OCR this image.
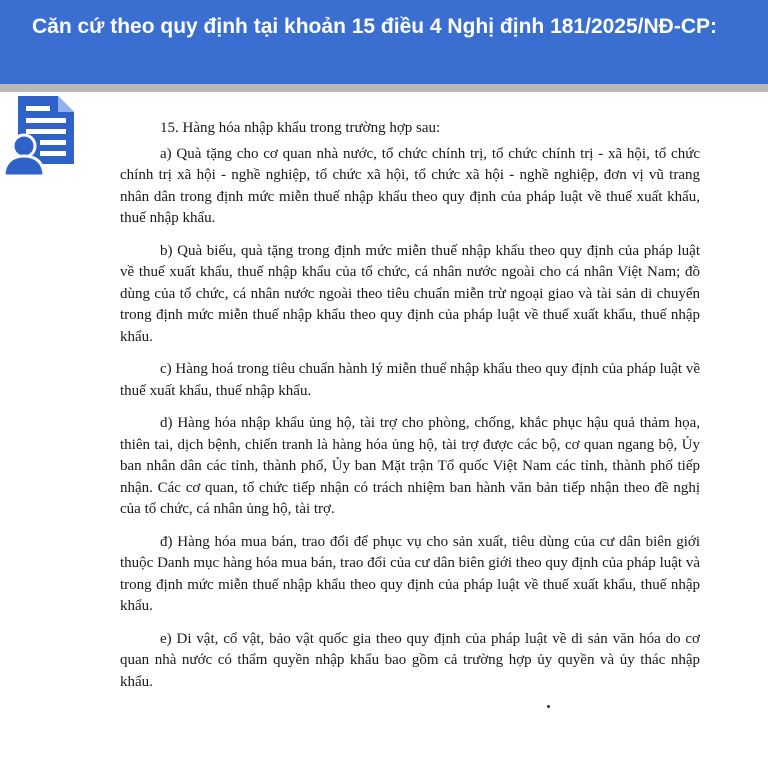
Căn cứ theo quy định tại khoản 15 điều 4 Nghị định 181/2025/NĐ-CP:

15. Hàng hóa nhập khẩu trong trường hợp sau:

a) Quà tặng cho cơ quan nhà nước, tổ chức chính trị, tổ chức chính trị - xã hội, tổ chức chính trị xã hội - nghề nghiệp, tổ chức xã hội, tổ chức xã hội - nghề nghiệp, đơn vị vũ trang nhân dân trong định mức miễn thuế nhập khẩu theo quy định của pháp luật về thuế xuất khẩu, thuế nhập khẩu.

b) Quà biếu, quà tặng trong định mức miễn thuế nhập khẩu theo quy định của pháp luật về thuế xuất khẩu, thuế nhập khẩu của tổ chức, cá nhân nước ngoài cho cá nhân Việt Nam; đồ dùng của tổ chức, cá nhân nước ngoài theo tiêu chuẩn miễn trừ ngoại giao và tài sản di chuyển trong định mức miễn thuế nhập khẩu theo quy định của pháp luật về thuế xuất khẩu, thuế nhập khẩu.

c) Hàng hoá trong tiêu chuẩn hành lý miễn thuế nhập khẩu theo quy định của pháp luật về thuế xuất khẩu, thuế nhập khẩu.

d) Hàng hóa nhập khẩu ủng hộ, tài trợ cho phòng, chống, khắc phục hậu quả thảm họa, thiên tai, dịch bệnh, chiến tranh là hàng hóa ủng hộ, tài trợ được các bộ, cơ quan ngang bộ, Ủy ban nhân dân các tỉnh, thành phố, Ủy ban Mặt trận Tổ quốc Việt Nam các tỉnh, thành phố tiếp nhận. Các cơ quan, tổ chức tiếp nhận có trách nhiệm ban hành văn bản tiếp nhận theo đề nghị của tổ chức, cá nhân ủng hộ, tài trợ.

đ) Hàng hóa mua bán, trao đổi để phục vụ cho sản xuất, tiêu dùng của cư dân biên giới thuộc Danh mục hàng hóa mua bán, trao đổi của cư dân biên giới theo quy định của pháp luật và trong định mức miễn thuế nhập khẩu theo quy định của pháp luật về thuế xuất khẩu, thuế nhập khẩu.

e) Di vật, cổ vật, bảo vật quốc gia theo quy định của pháp luật về di sản văn hóa do cơ quan nhà nước có thẩm quyền nhập khẩu bao gồm cả trường hợp ủy quyền và ủy thác nhập khẩu.
